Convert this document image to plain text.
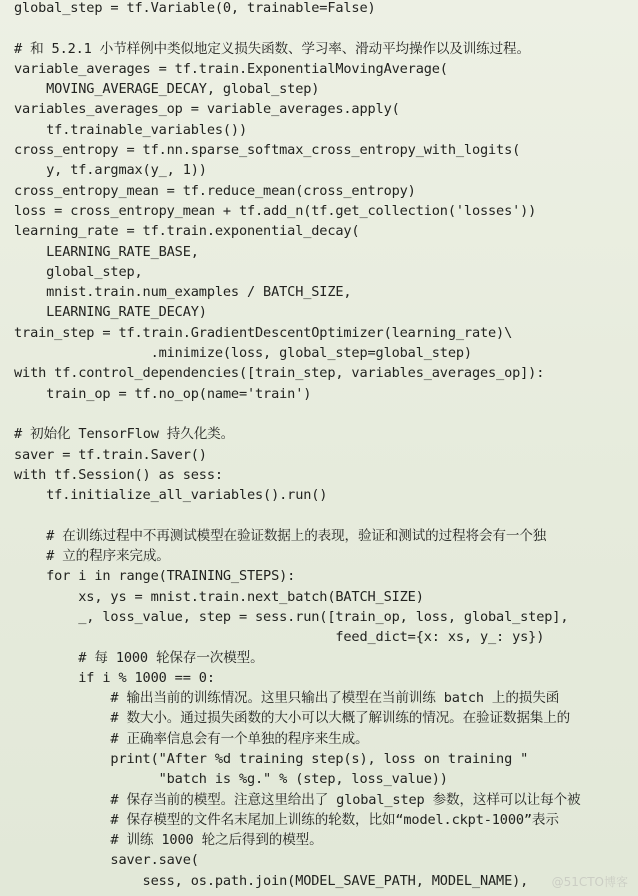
global_step = tf.Variable(0, trainable=False)
# 和 5.2.1 小节样例中类似地定义损失函数、学习率、滑动平均操作以及训练过程。
variable_averages = tf.train.ExponentialMovingAverage(
MOVING_AVERAGE_DECAY, global_step)
variables_averages_op = variable_averages.apply(
tf.trainable_variables())
cross_entropy = tf.nn.sparse_softmax_cross_entropy_with_logits(
y, tf.argmax(y_, 1))
cross_entropy_mean = tf.reduce_mean(cross_entropy)
loss = cross_entropy_mean + tf.add_n(tf.get_collection('losses'))
learning_rate = tf.train.exponential_decay(
LEARNING_RATE_BASE,
global_step,
mnist.train.num_examples / BATCH_SIZE,
LEARNING_RATE_DECAY)
train_step = tf.train.GradientDescentOptimizer(learning_rate)\
.minimize(loss, global_step=global_step)
with tf.control_dependencies([train_step, variables_averages_op]):
train_op = tf.no_op(name='train')
# 初始化 TensorFlow 持久化类。
saver = tf.train.Saver()
with tf.Session() as sess:
tf.initialize_all_variables().run()
# 在训练过程中不再测试模型在验证数据上的表现，验证和测试的过程将会有一个独
# 立的程序来完成。
for i in range(TRAINING_STEPS):
xs, ys = mnist.train.next_batch(BATCH_SIZE)
_, loss_value, step = sess.run([train_op, loss, global_step],
feed_dict={x: xs, y_: ys})
# 每 1000 轮保存一次模型。
if i % 1000 == 0:
# 输出当前的训练情况。这里只输出了模型在当前训练 batch 上的损失函
# 数大小。通过损失函数的大小可以大概了解训练的情况。在验证数据集上的
# 正确率信息会有一个单独的程序来生成。
print("After %d training step(s), loss on training "
"batch is %g." % (step, loss_value))
# 保存当前的模型。注意这里给出了 global_step 参数，这样可以让每个被
# 保存模型的文件名末尾加上训练的轮数，比如“model.ckpt-1000”表示
# 训练 1000 轮之后得到的模型。
saver.save(
sess, os.path.join(MODEL_SAVE_PATH, MODEL_NAME),	@51CTO博客
